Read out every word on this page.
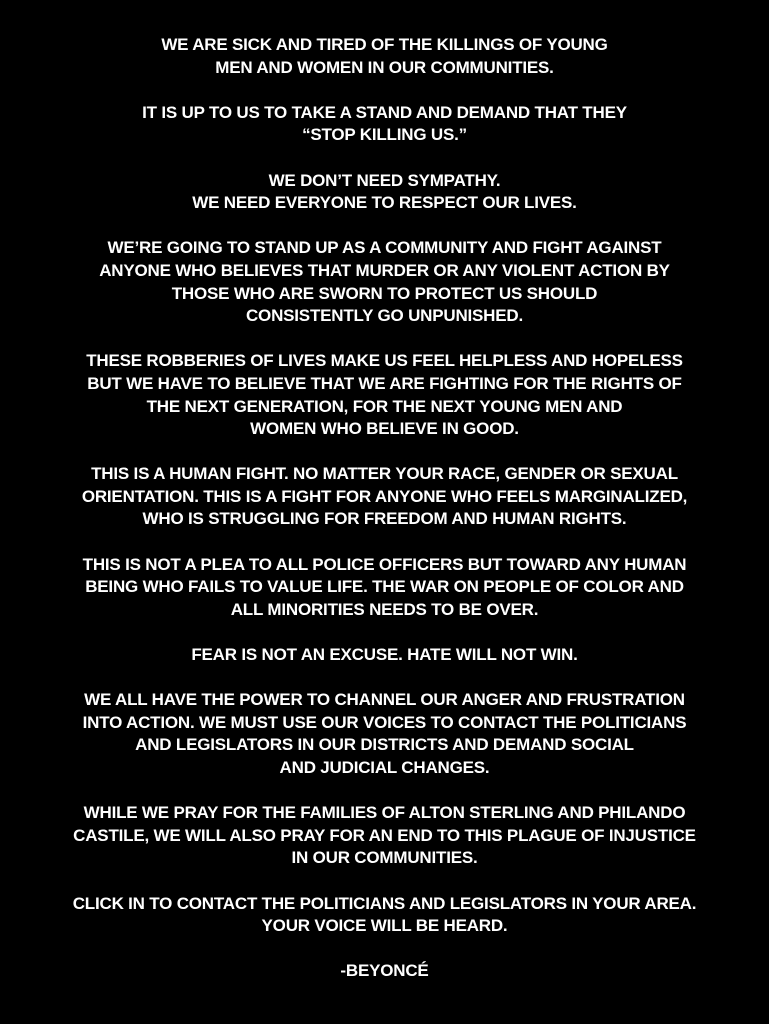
WE ARE SICK AND TIRED OF THE KILLINGS OF YOUNG
MEN AND WOMEN IN OUR COMMUNITIES.

IT IS UP TO US TO TAKE A STAND AND DEMAND THAT THEY
“STOP KILLING US.”

WE DON’T NEED SYMPATHY.
WE NEED EVERYONE TO RESPECT OUR LIVES.

WE’RE GOING TO STAND UP AS A COMMUNITY AND FIGHT AGAINST
ANYONE WHO BELIEVES THAT MURDER OR ANY VIOLENT ACTION BY
THOSE WHO ARE SWORN TO PROTECT US SHOULD
CONSISTENTLY GO UNPUNISHED.

THESE ROBBERIES OF LIVES MAKE US FEEL HELPLESS AND HOPELESS
BUT WE HAVE TO BELIEVE THAT WE ARE FIGHTING FOR THE RIGHTS OF
THE NEXT GENERATION, FOR THE NEXT YOUNG MEN AND
WOMEN WHO BELIEVE IN GOOD.

THIS IS A HUMAN FIGHT. NO MATTER YOUR RACE, GENDER OR SEXUAL
ORIENTATION. THIS IS A FIGHT FOR ANYONE WHO FEELS MARGINALIZED,
WHO IS STRUGGLING FOR FREEDOM AND HUMAN RIGHTS.

THIS IS NOT A PLEA TO ALL POLICE OFFICERS BUT TOWARD ANY HUMAN
BEING WHO FAILS TO VALUE LIFE. THE WAR ON PEOPLE OF COLOR AND
ALL MINORITIES NEEDS TO BE OVER.

FEAR IS NOT AN EXCUSE. HATE WILL NOT WIN.

WE ALL HAVE THE POWER TO CHANNEL OUR ANGER AND FRUSTRATION
INTO ACTION. WE MUST USE OUR VOICES TO CONTACT THE POLITICIANS
AND LEGISLATORS IN OUR DISTRICTS AND DEMAND SOCIAL
AND JUDICIAL CHANGES.

WHILE WE PRAY FOR THE FAMILIES OF ALTON STERLING AND PHILANDO
CASTILE, WE WILL ALSO PRAY FOR AN END TO THIS PLAGUE OF INJUSTICE
IN OUR COMMUNITIES.

CLICK IN TO CONTACT THE POLITICIANS AND LEGISLATORS IN YOUR AREA.
YOUR VOICE WILL BE HEARD.

-BEYONCÉ
